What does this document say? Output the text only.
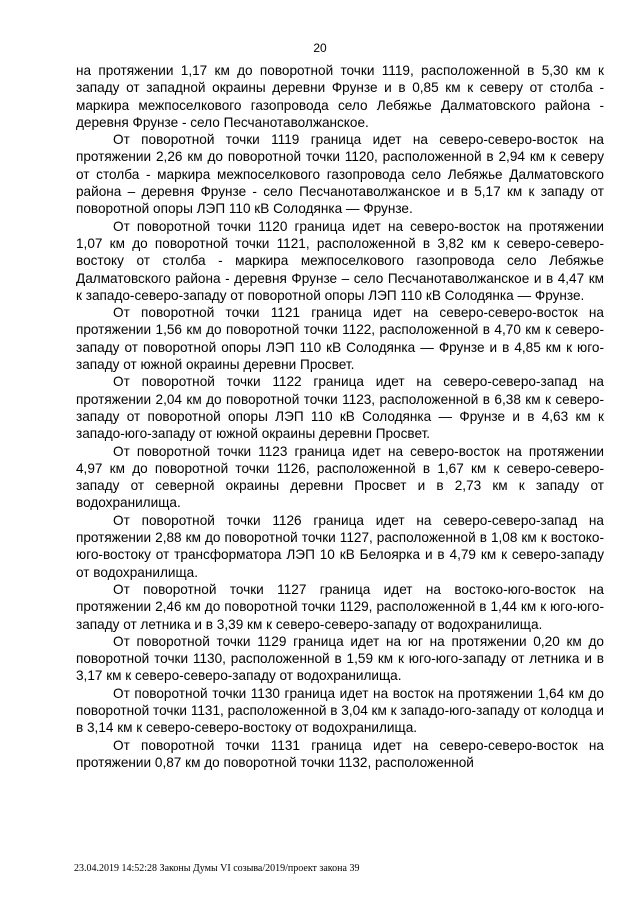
20

на протяжении 1,17 км до поворотной точки 1119, расположенной в 5,30 км к западу от западной окраины деревни Фрунзе и в 0,85 км к северу от столба - маркира межпоселкового газопровода село Лебяжье Далматовского района - деревня Фрунзе - село Песчанотаволжанское.

От поворотной точки 1119 граница идет на северо-северо-восток на протяжении 2,26 км до поворотной точки 1120, расположенной в 2,94 км к северу от столба - маркира межпоселкового газопровода село Лебяжье Далматовского района – деревня Фрунзе - село Песчанотаволжанское и в 5,17 км к западу от поворотной опоры ЛЭП 110 кВ Солодянка — Фрунзе.

От поворотной точки 1120 граница идет на северо-восток на протяжении 1,07 км до поворотной точки 1121, расположенной в 3,82 км к северо-северо-востоку от столба - маркира межпоселкового газопровода село Лебяжье Далматовского района - деревня Фрунзе – село Песчанотаволжанское и в 4,47 км к западо-северо-западу от поворотной опоры ЛЭП 110 кВ Солодянка — Фрунзе.

От поворотной точки 1121 граница идет на северо-северо-восток на протяжении 1,56 км до поворотной точки 1122, расположенной в 4,70 км к северо-западу от поворотной опоры ЛЭП 110 кВ Солодянка — Фрунзе и в 4,85 км к юго-западу от южной окраины деревни Просвет.

От поворотной точки 1122 граница идет на северо-северо-запад на протяжении 2,04 км до поворотной точки 1123, расположенной в 6,38 км к северо-западу от поворотной опоры ЛЭП 110 кВ Солодянка — Фрунзе и в 4,63 км к западо-юго-западу от южной окраины деревни Просвет.

От поворотной точки 1123 граница идет на северо-восток на протяжении 4,97 км до поворотной точки 1126, расположенной в 1,67 км к северо-северо-западу от северной окраины деревни Просвет и в 2,73 км к западу от водохранилища.

От поворотной точки 1126 граница идет на северо-северо-запад на протяжении 2,88 км до поворотной точки 1127, расположенной в 1,08 км к востоко-юго-востоку от трансформатора ЛЭП 10 кВ Белоярка и в 4,79 км к северо-западу от водохранилища.

От поворотной точки 1127 граница идет на востоко-юго-восток на протяжении 2,46 км до поворотной точки 1129, расположенной в 1,44 км к юго-юго-западу от летника и в 3,39 км к северо-северо-западу от водохранилища.

От поворотной точки 1129 граница идет на юг на протяжении 0,20 км до поворотной точки 1130, расположенной в 1,59 км к юго-юго-западу от летника и в 3,17 км к северо-северо-западу от водохранилища.

От поворотной точки 1130 граница идет на восток на протяжении 1,64 км до поворотной точки 1131, расположенной в 3,04 км к западо-юго-западу от колодца и в 3,14 км к северо-северо-востоку от водохранилища.

От поворотной точки 1131 граница идет на северо-северо-восток на протяжении 0,87 км до поворотной точки 1132, расположенной

23.04.2019 14:52:28 Законы Думы VI созыва/2019/проект закона 39
